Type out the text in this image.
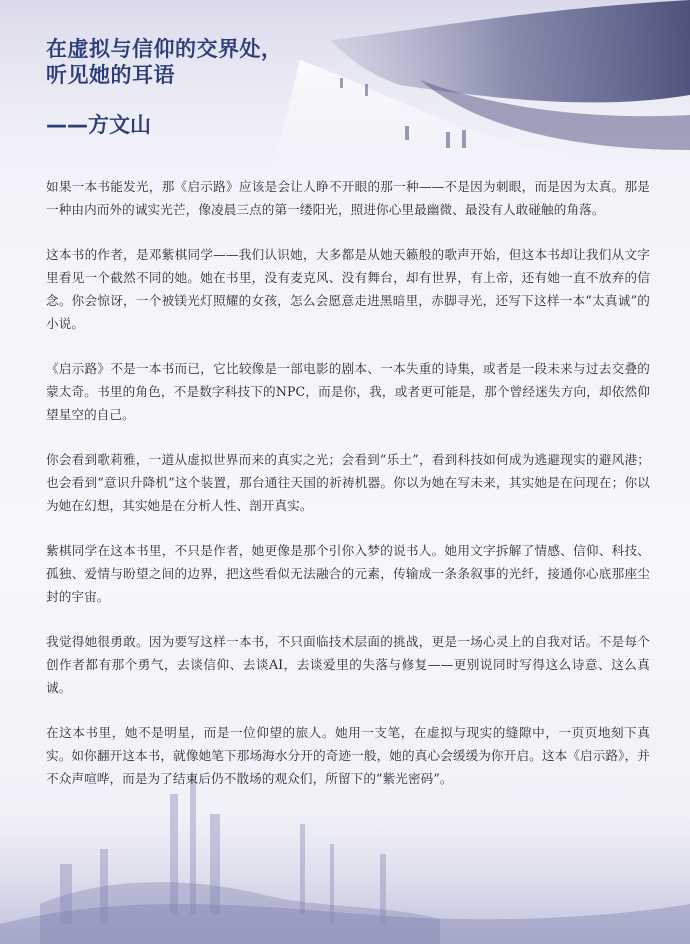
在虚拟与信仰的交界处，
听见她的耳语

——方文山

如果一本书能发光，那《启示路》应该是会让人睁不开眼的那一种——不是因为刺眼，而是因为太真。那是一种由内而外的诚实光芒，像凌晨三点的第一缕阳光，照进你心里最幽微、最没有人敢碰触的角落。

这本书的作者，是邓紫棋同学——我们认识她，大多都是从她天籁般的歌声开始，但这本书却让我们从文字里看见一个截然不同的她。她在书里，没有麦克风、没有舞台，却有世界，有上帝，还有她一直不放弃的信念。你会惊讶，一个被镁光灯照耀的女孩，怎么会愿意走进黑暗里，赤脚寻光，还写下这样一本“太真诚”的小说。

《启示路》不是一本书而已，它比较像是一部电影的剧本、一本失重的诗集，或者是一段未来与过去交叠的蒙太奇。书里的角色，不是数字科技下的NPC，而是你，我，或者更可能是，那个曾经迷失方向，却依然仰望星空的自己。

你会看到歌莉雅，一道从虚拟世界而来的真实之光；会看到“乐土”，看到科技如何成为逃避现实的避风港；也会看到“意识升降机”这个装置，那台通往天国的祈祷机器。你以为她在写未来，其实她是在问现在；你以为她在幻想，其实她是在分析人性、剖开真实。

紫棋同学在这本书里，不只是作者，她更像是那个引你入梦的说书人。她用文字拆解了情感、信仰、科技、孤独、爱情与盼望之间的边界，把这些看似无法融合的元素，传输成一条条叙事的光纤，接通你心底那座尘封的宇宙。

我觉得她很勇敢。因为要写这样一本书，不只面临技术层面的挑战，更是一场心灵上的自我对话。不是每个创作者都有那个勇气，去谈信仰、去谈AI，去谈爱里的失落与修复——更别说同时写得这么诗意、这么真诚。

在这本书里，她不是明星，而是一位仰望的旅人。她用一支笔，在虚拟与现实的缝隙中，一页页地刻下真实。如你翻开这本书，就像她笔下那场海水分开的奇迹一般，她的真心会缓缓为你开启。这本《启示路》，并不众声喧哗，而是为了结束后仍不散场的观众们，所留下的“紫光密码”。
